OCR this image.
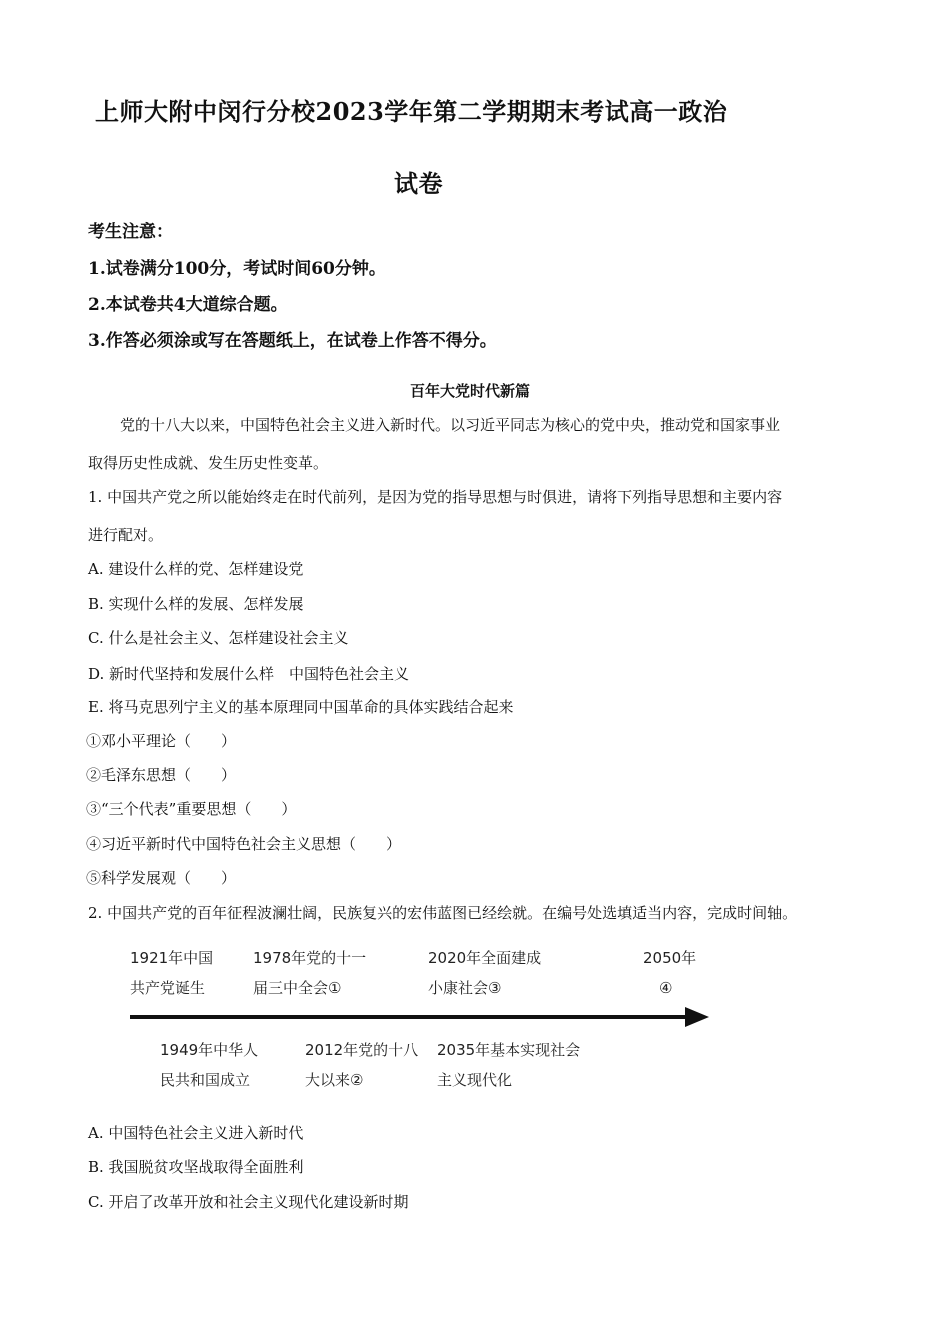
上师大附中闵行分校2023学年第二学期期末考试高一政治
试卷
考生注意：
1.试卷满分100分，考试时间60分钟。
2.本试卷共4大道综合题。
3.作答必须涂或写在答题纸上，在试卷上作答不得分。
百年大党时代新篇
党的十八大以来，中国特色社会主义进入新时代。以习近平同志为核心的党中央，推动党和国家事业
取得历史性成就、发生历史性变革。
1. 中国共产党之所以能始终走在时代前列，是因为党的指导思想与时俱进，请将下列指导思想和主要内容
进行配对。
A. 建设什么样的党、怎样建设党
B. 实现什么样的发展、怎样发展
C. 什么是社会主义、怎样建设社会主义
D. 新时代坚持和发展什么样　中国特色社会主义
E. 将马克思列宁主义的基本原理同中国革命的具体实践结合起来
①邓小平理论（　　）
②毛泽东思想（　　）
③“三个代表”重要思想（　　）
④习近平新时代中国特色社会主义思想（　　）
⑤科学发展观（　　）
2. 中国共产党的百年征程波澜壮阔，民族复兴的宏伟蓝图已经绘就。在编号处选填适当内容，完成时间轴。
1921年中国
共产党诞生
1978年党的十一
届三中全会①
2020年全面建成
小康社会③
2050年
④
1949年中华人
民共和国成立
2012年党的十八
大以来②
2035年基本实现社会
主义现代化
A. 中国特色社会主义进入新时代
B. 我国脱贫攻坚战取得全面胜利
C. 开启了改革开放和社会主义现代化建设新时期
